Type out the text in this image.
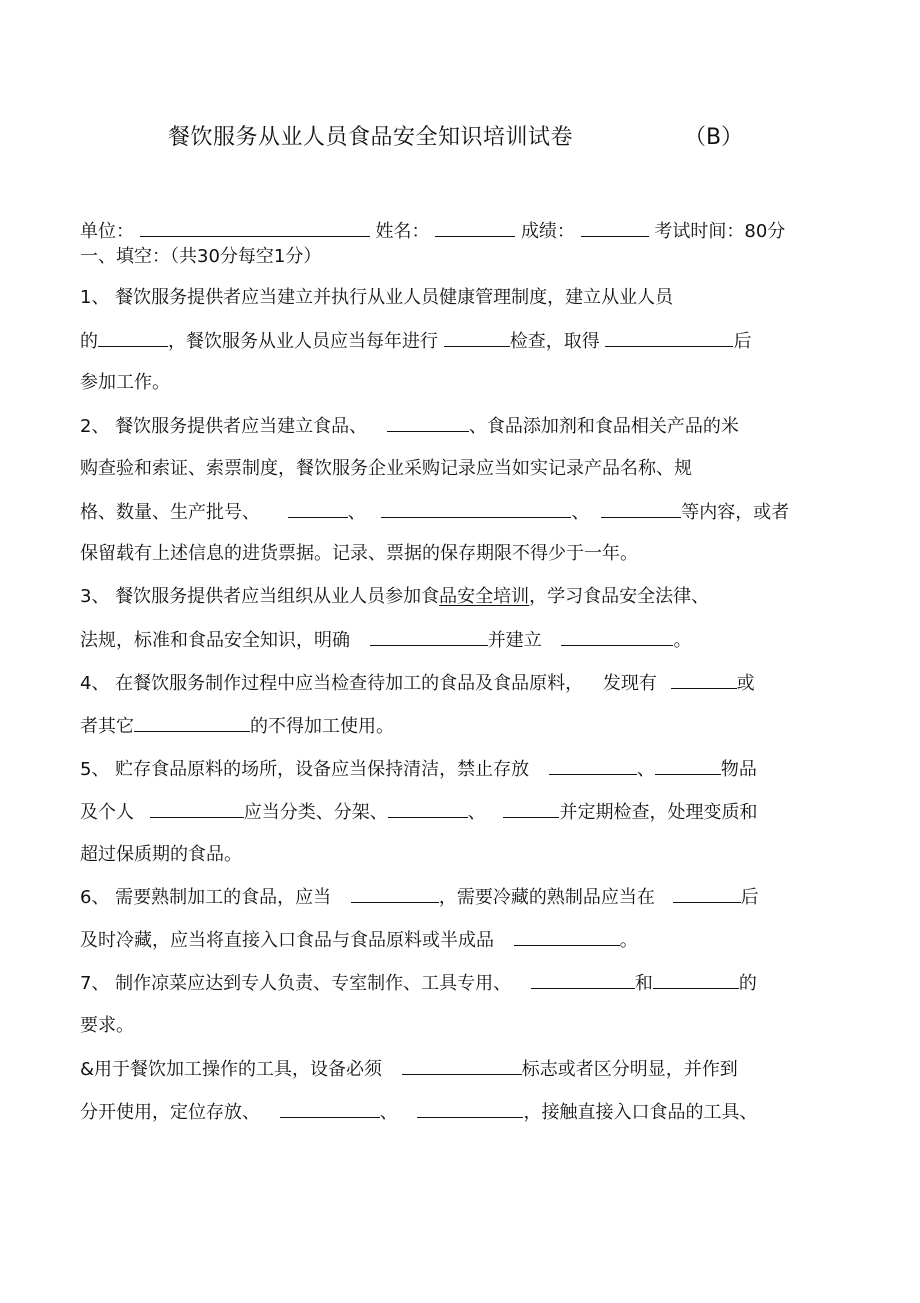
餐饮服务从业人员食品安全知识培训试卷	（B）
单位：	姓名：	成绩：	考试时间：80分
一、填空：（共30分每空1分）
1、 餐饮服务提供者应当建立并执行从业人员健康管理制度，建立从业人员
的	，餐饮服务从业人员应当每年进行	检查，取得	后
参加工作。
2、 餐饮服务提供者应当建立食品、	、食品添加剂和食品相关产品的米
购查验和索证、索票制度，餐饮服务企业采购记录应当如实记录产品名称、规
格、数量、生产批号、	、	、	等内容，或者
保留载有上述信息的进货票据。记录、票据的保存期限不得少于一年。
3、 餐饮服务提供者应当组织从业人员参加食品安全培训，学习食品安全法律、
法规，标准和食品安全知识，明确	并建立	。
4、 在餐饮服务制作过程中应当检查待加工的食品及食品原料， 发现有	或
者其它	的不得加工使用。
5、 贮存食品原料的场所，设备应当保持清洁，禁止存放	、	物品
及个人	应当分类、分架、	、	并定期检查，处理变质和
超过保质期的食品。
6、 需要熟制加工的食品，应当	，需要冷藏的熟制品应当在	后
及时冷藏，应当将直接入口食品与食品原料或半成品	。
7、 制作凉菜应达到专人负责、专室制作、工具专用、	和	的
要求。
&用于餐饮加工操作的工具，设备必须	标志或者区分明显，并作到
分开使用，定位存放、	、	，接触直接入口食品的工具、
